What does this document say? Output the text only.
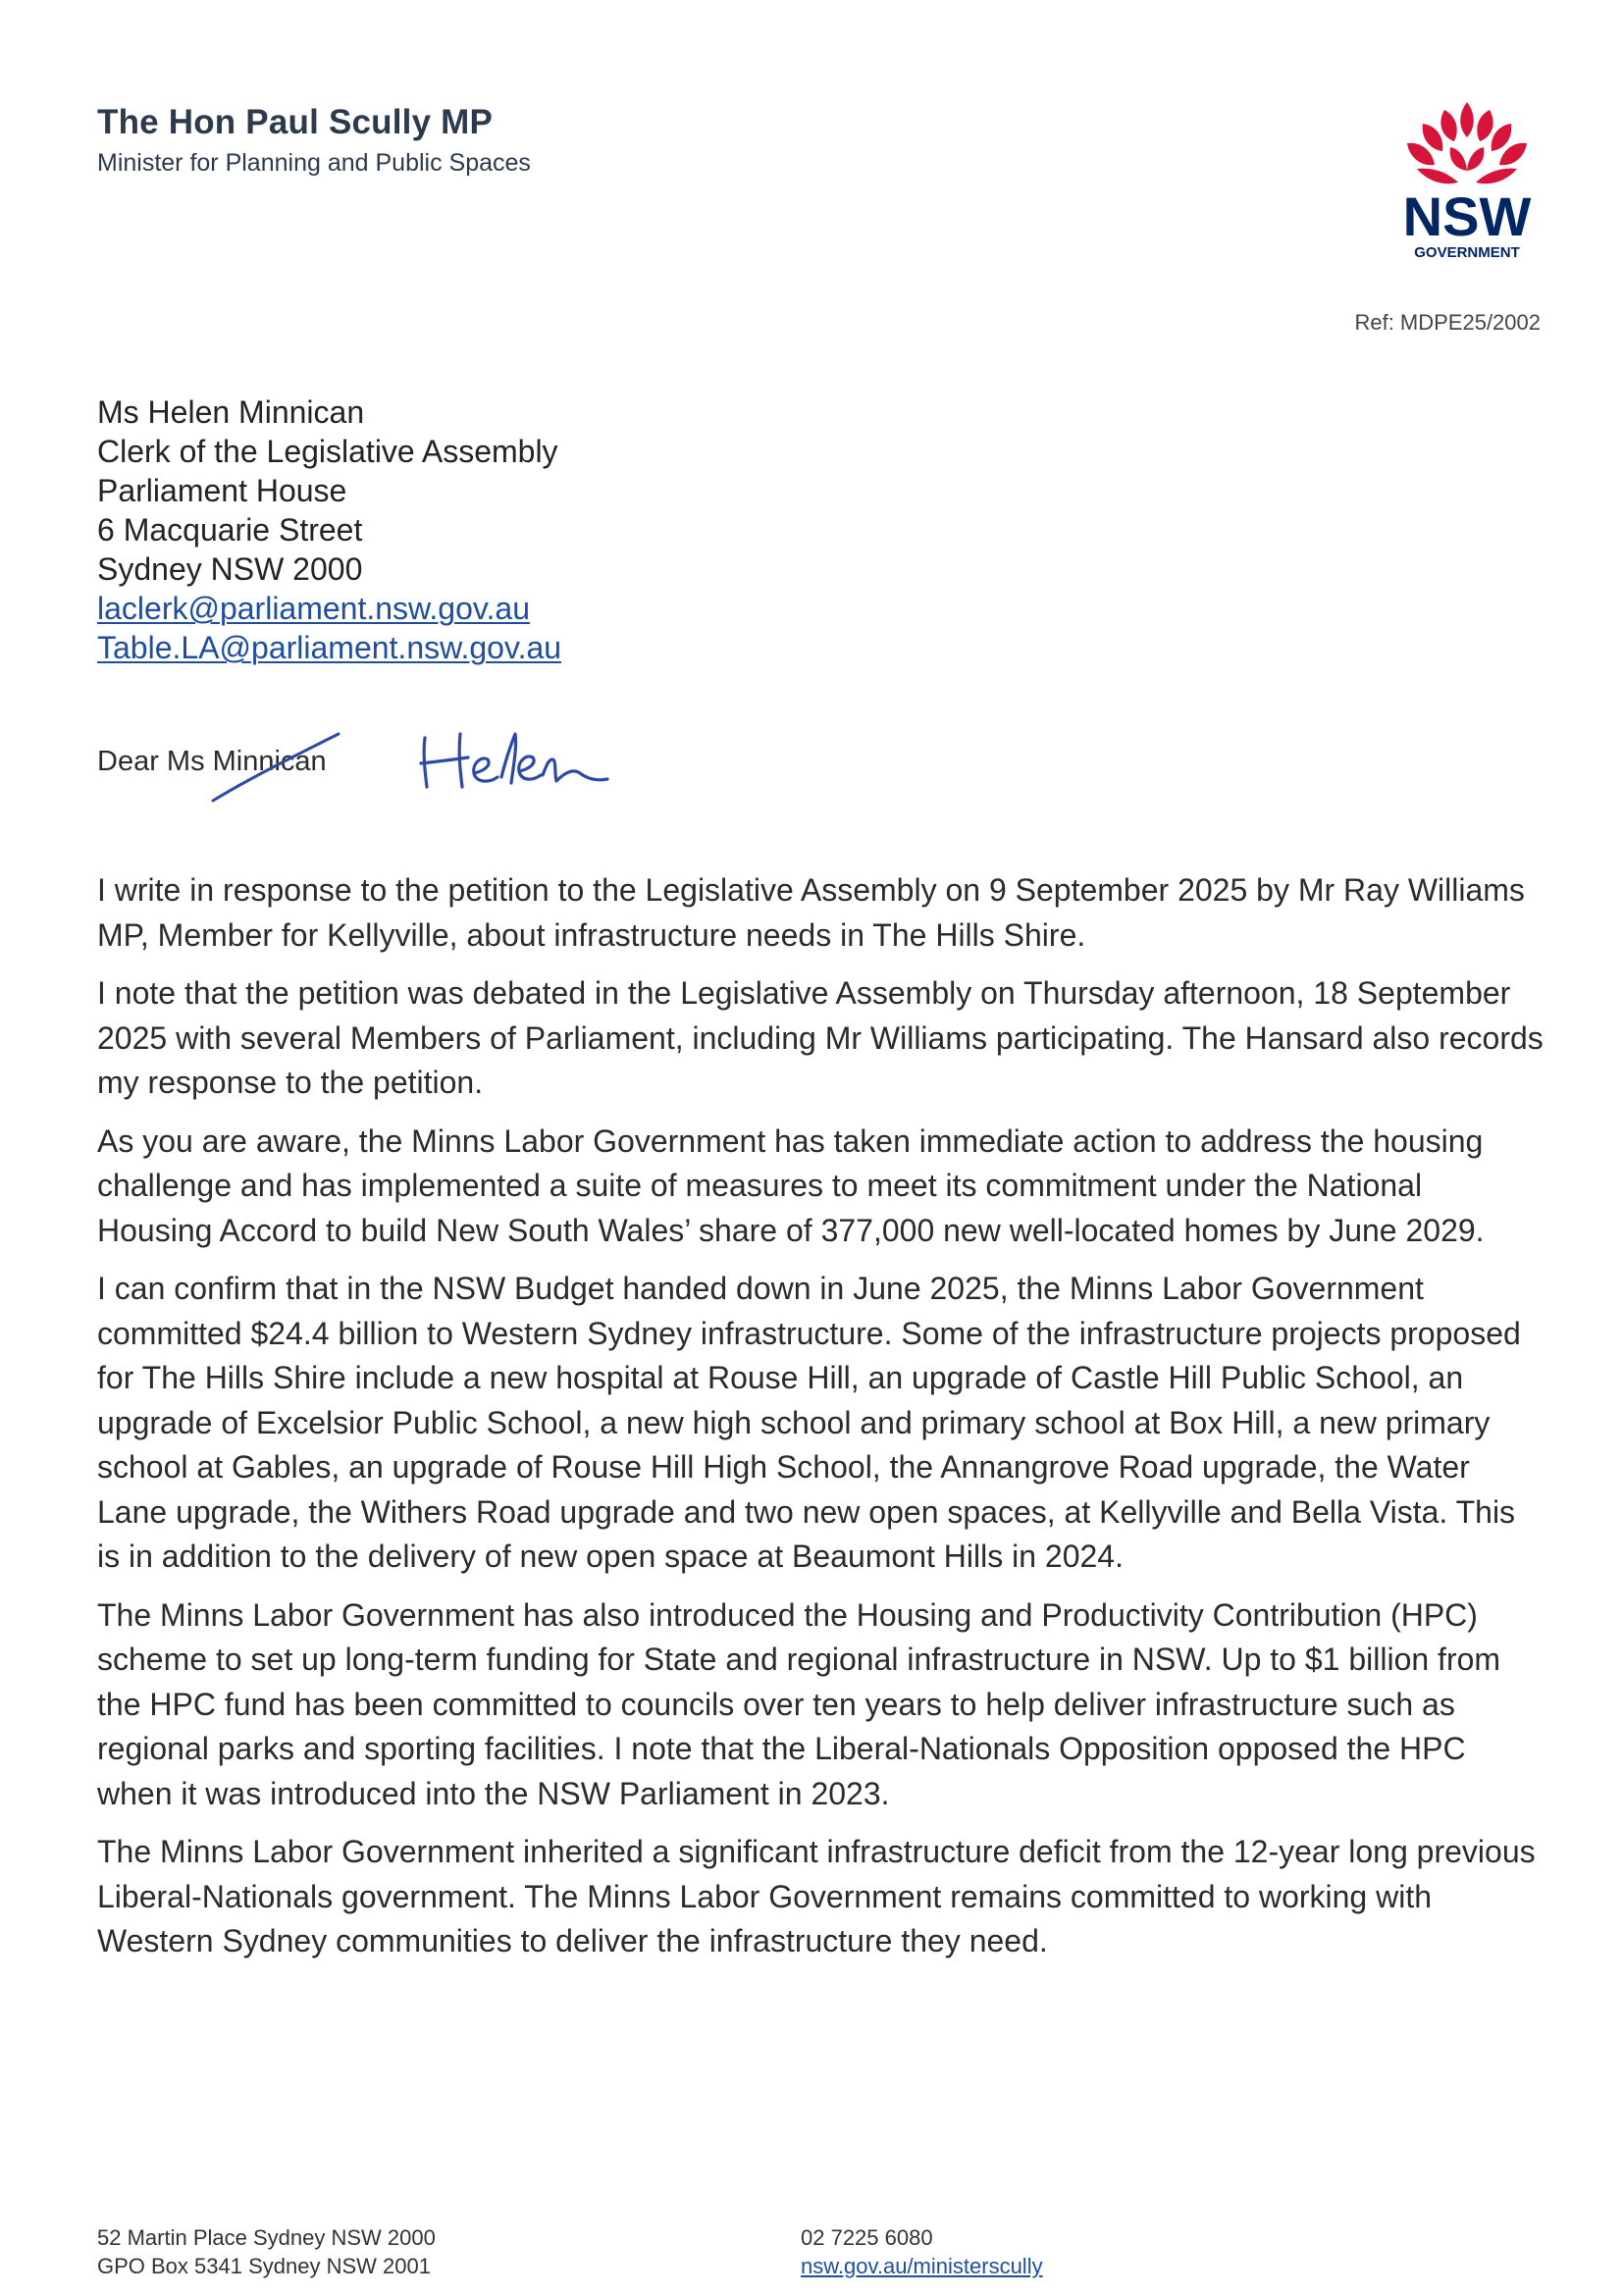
The Hon Paul Scully MP
Minister for Planning and Public Spaces
NSW
GOVERNMENT
Ref: MDPE25/2002
Ms Helen Minnican
Clerk of the Legislative Assembly
Parliament House
6 Macquarie Street
Sydney NSW 2000
laclerk@parliament.nsw.gov.au
Table.LA@parliament.nsw.gov.au
Dear Ms Minnican

I write in response to the petition to the Legislative Assembly on 9 September 2025 by Mr Ray Williams MP, Member for Kellyville, about infrastructure needs in The Hills Shire.

I note that the petition was debated in the Legislative Assembly on Thursday afternoon, 18 September 2025 with several Members of Parliament, including Mr Williams participating. The Hansard also records my response to the petition.

As you are aware, the Minns Labor Government has taken immediate action to address the housing challenge and has implemented a suite of measures to meet its commitment under the National Housing Accord to build New South Wales’ share of 377,000 new well-located homes by June 2029.

I can confirm that in the NSW Budget handed down in June 2025, the Minns Labor Government committed $24.4 billion to Western Sydney infrastructure. Some of the infrastructure projects proposed for The Hills Shire include a new hospital at Rouse Hill, an upgrade of Castle Hill Public School, an upgrade of Excelsior Public School, a new high school and primary school at Box Hill, a new primary school at Gables, an upgrade of Rouse Hill High School, the Annangrove Road upgrade, the Water Lane upgrade, the Withers Road upgrade and two new open spaces, at Kellyville and Bella Vista. This is in addition to the delivery of new open space at Beaumont Hills in 2024.

The Minns Labor Government has also introduced the Housing and Productivity Contribution (HPC) scheme to set up long-term funding for State and regional infrastructure in NSW. Up to $1 billion from the HPC fund has been committed to councils over ten years to help deliver infrastructure such as regional parks and sporting facilities. I note that the Liberal-Nationals Opposition opposed the HPC when it was introduced into the NSW Parliament in 2023.

The Minns Labor Government inherited a significant infrastructure deficit from the 12-year long previous Liberal-Nationals government. The Minns Labor Government remains committed to working with Western Sydney communities to deliver the infrastructure they need.

52 Martin Place Sydney NSW 2000
GPO Box 5341 Sydney NSW 2001
02 7225 6080
nsw.gov.au/ministerscully
